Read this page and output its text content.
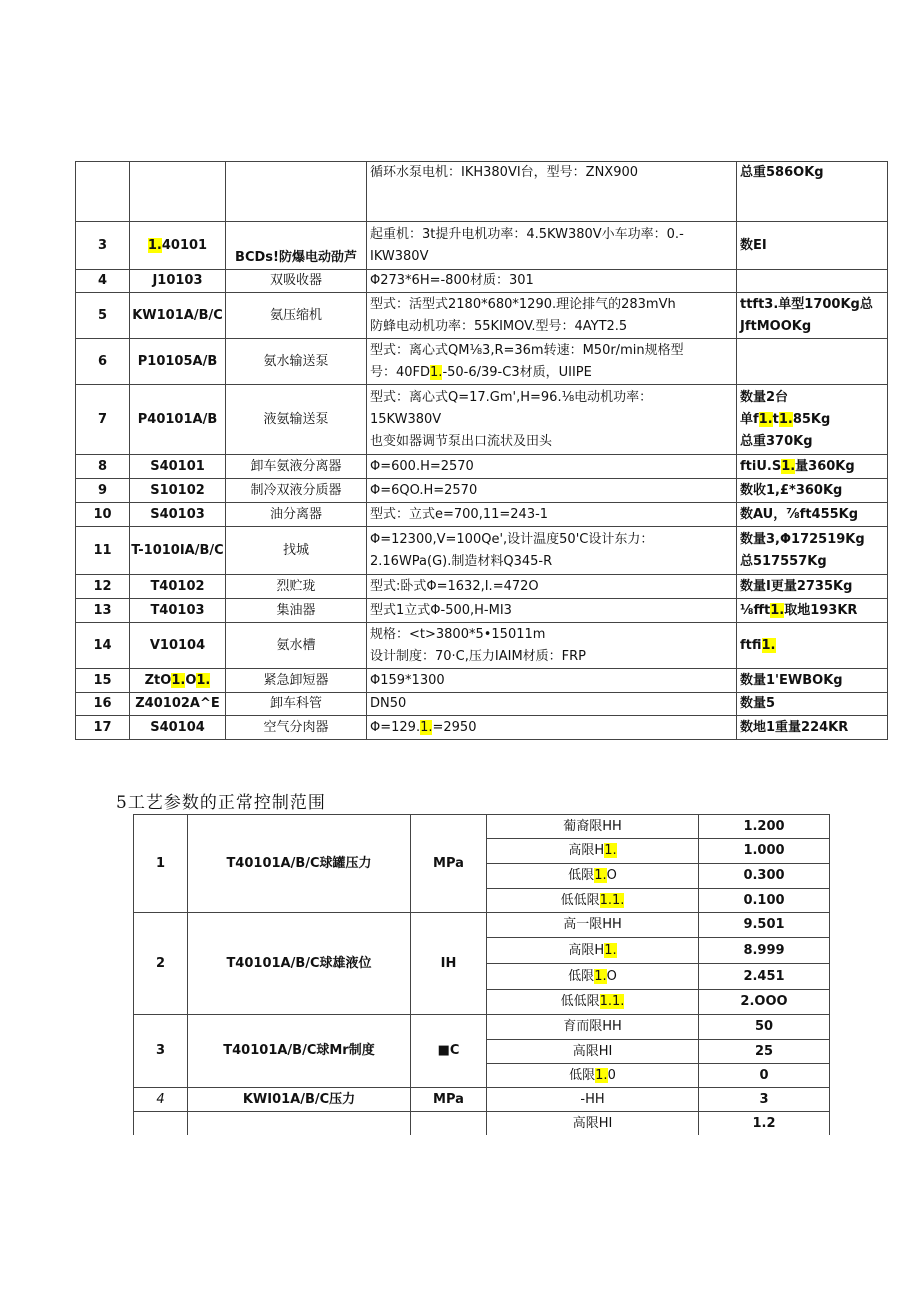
			循环水泵电机：IKH380VI台，型号：ZNX900	总重586OKg

3	1.40101	BCDs!防爆电动劭芦	起重机：3t提升电机功率：4.5KW380V小车功率：0.-
IKW380V	数EI

4	J10103	双吸收器	Φ273*6H=-800材质：301	

5	KW101A/B/C	氨压缩机	型式：活型式2180*680*1290.理论排气的283mVh
防蜂电动机功率：55KIMOV.型号：4AYT2.5	ttft3.单型1700Kg总
JftMOOKg

6	P10105A/B	氨水输送泵	型式：离心式QM⅛3,R=36m转速：M50r/min规格型
号：40FD1.-50-6/39-C3材质，UIIPE	

7	P40101A/B	液氨输送泵	型式：离心式Q=17.Gm',H=96.⅛电动机功率：
15KW380V
也变如器调节泵出口流状及田头	数量2台
单f1.t1.85Kg
总重370Kg

8	S40101	卸车氨液分离器	Φ=600.H=2570	ftiU.S1.量360Kg

9	S10102	制冷双液分质器	Φ=6QO.H=2570	数收1,£*360Kg

10	S40103	油分离器	型式：立式e=700,11=243-1	数AU，⅞ft455Kg

11	T-1010IA/B/C	找城	Φ=12300,V=100Qe',设计温度50'C设计东力：
2.16WPa(G).制造材料Q345-R	数量3,Φ172519Kg
总517557Kg

12	T40102	烈贮珑	型式:卧式Φ=1632,I.=472O	数量I更量2735Kg

13	T40103	集油器	型式1立式Φ-500,H-MI3	⅛fft1.取地193KR

14	V10104	氨水槽	规格：<t>3800*5•15011m
设计制度：70·C,压力IAIM材质：FRP	ftfi1.

15	ZtO1.O1.	紧急卸短器	Φ159*1300	数量1'EWBOKg

16	Z40102A^E	卸车科管	DN50	数量5

17	S40104	空气分肉器	Φ=129.1.=2950	数地1重量224KR
5工艺参数的正常控制范围
1	T40101A/B/C球罐压力	MPa	葡裔限HH	1.200
			高限H1.	1.000
			低限1.O	0.300
			低低限1.1.	0.100
2	T40101A/B/C球雄液位	IH	高一限HH	9.501
			高限H1.	8.999
			低限1.O	2.451
			低低限1.1.	2.OOO
3	T40101A/B/C球Mr制度	■C	育而限HH	50
			高限HI	25
			低限1.0	0
4	KWI01A/B/C压力	MPa	-HH	3
			高限HI	1.2
